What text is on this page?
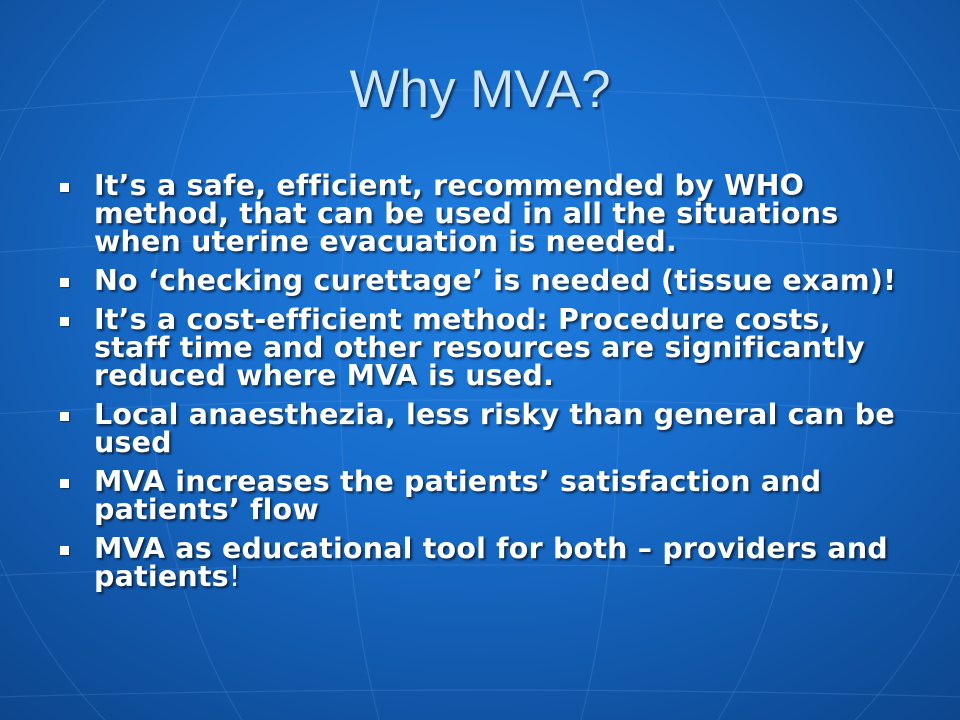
Why MVA?
It’s a safe, efficient, recommended by WHO method, that can be used in all the situations when uterine evacuation is needed.
No ‘checking curettage’ is needed (tissue exam)!
It’s a cost-efficient method: Procedure costs, staff time and other resources are significantly reduced where MVA is used.
Local anaesthezia, less risky than general can be used
MVA increases the patients’ satisfaction and patients’ flow
MVA as educational tool for both – providers and patients!
